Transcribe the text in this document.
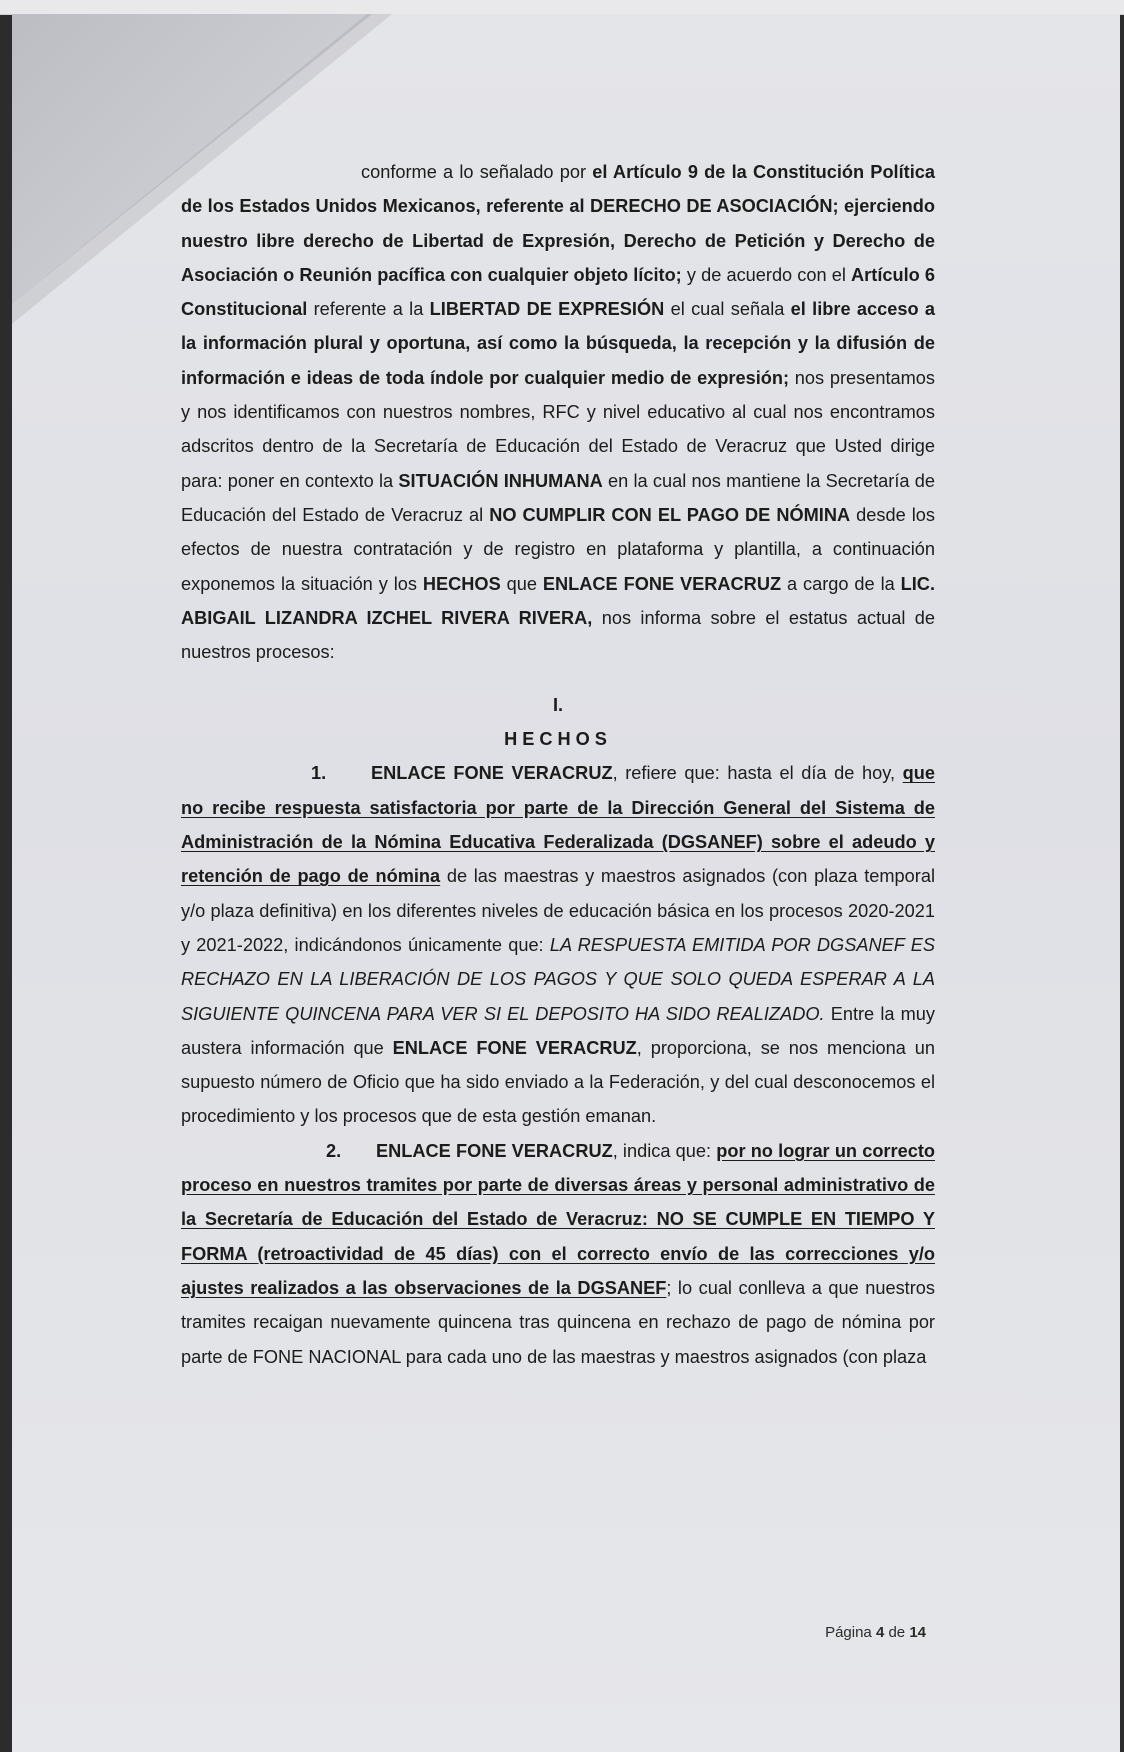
conforme a lo señalado por el Artículo 9 de la Constitución Política de los Estados Unidos Mexicanos, referente al DERECHO DE ASOCIACIÓN; ejerciendo nuestro libre derecho de Libertad de Expresión, Derecho de Petición y Derecho de Asociación o Reunión pacífica con cualquier objeto lícito; y de acuerdo con el Artículo 6 Constitucional referente a la LIBERTAD DE EXPRESIÓN el cual señala el libre acceso a la información plural y oportuna, así como la búsqueda, la recepción y la difusión de información e ideas de toda índole por cualquier medio de expresión; nos presentamos y nos identificamos con nuestros nombres, RFC y nivel educativo al cual nos encontramos adscritos dentro de la Secretaría de Educación del Estado de Veracruz que Usted dirige para: poner en contexto la SITUACIÓN INHUMANA en la cual nos mantiene la Secretaría de Educación del Estado de Veracruz al NO CUMPLIR CON EL PAGO DE NÓMINA desde los efectos de nuestra contratación y de registro en plataforma y plantilla, a continuación exponemos la situación y los HECHOS que ENLACE FONE VERACRUZ a cargo de la LIC. ABIGAIL LIZANDRA IZCHEL RIVERA RIVERA, nos informa sobre el estatus actual de nuestros procesos:

I.
HECHOS

1. ENLACE FONE VERACRUZ, refiere que: hasta el día de hoy, que no recibe respuesta satisfactoria por parte de la Dirección General del Sistema de Administración de la Nómina Educativa Federalizada (DGSANEF) sobre el adeudo y retención de pago de nómina de las maestras y maestros asignados (con plaza temporal y/o plaza definitiva) en los diferentes niveles de educación básica en los procesos 2020-2021 y 2021-2022, indicándonos únicamente que: LA RESPUESTA EMITIDA POR DGSANEF ES RECHAZO EN LA LIBERACIÓN DE LOS PAGOS Y QUE SOLO QUEDA ESPERAR A LA SIGUIENTE QUINCENA PARA VER SI EL DEPOSITO HA SIDO REALIZADO. Entre la muy austera información que ENLACE FONE VERACRUZ, proporciona, se nos menciona un supuesto número de Oficio que ha sido enviado a la Federación, y del cual desconocemos el procedimiento y los procesos que de esta gestión emanan.

2. ENLACE FONE VERACRUZ, indica que: por no lograr un correcto proceso en nuestros tramites por parte de diversas áreas y personal administrativo de la Secretaría de Educación del Estado de Veracruz: NO SE CUMPLE EN TIEMPO Y FORMA (retroactividad de 45 días) con el correcto envío de las correcciones y/o ajustes realizados a las observaciones de la DGSANEF; lo cual conlleva a que nuestros tramites recaigan nuevamente quincena tras quincena en rechazo de pago de nómina por parte de FONE NACIONAL para cada uno de las maestras y maestros asignados (con plaza

Página 4 de 14
